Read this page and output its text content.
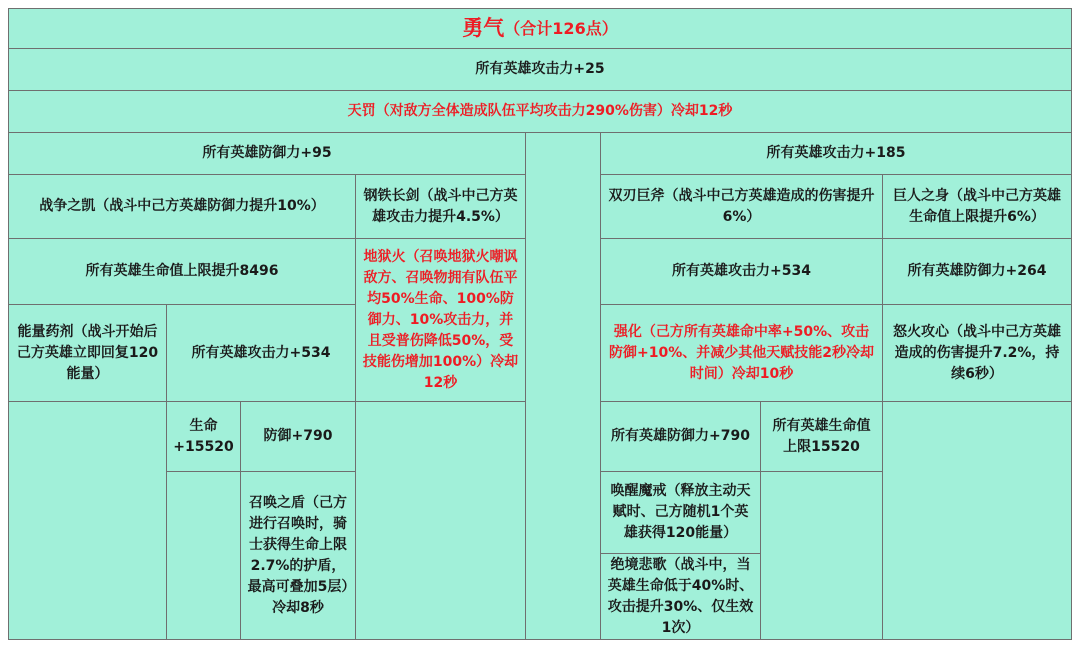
勇气 （合计126点）
所有英雄攻击力+25
天罚（对敌方全体造成队伍平均攻击力290%伤害）冷却12秒
所有英雄防御力+95
战争之凯（战斗中己方英雄防御力提升10%）
钢铁长剑（战斗中己方英雄攻击力提升4.5%）
所有英雄生命值上限提升8496
地狱火（召唤地狱火嘲讽敌方、召唤物拥有队伍平均50%生命、100%防御力、10%攻击力，并且受普伤降低50%，受技能伤增加100%）冷却12秒
能量药剂（战斗开始后己方英雄立即回复120能量）
所有英雄攻击力+534
生命+15520
防御+790
召唤之盾（己方进行召唤时，骑士获得生命上限2.7%的护盾，最高可叠加5层）冷却8秒
所有英雄攻击力+185
双刃巨斧（战斗中己方英雄造成的伤害提升6%）
巨人之身（战斗中己方英雄生命值上限提升6%）
所有英雄攻击力+534	所有英雄防御力+264
强化（己方所有英雄命中率+50%、攻击防御+10%、并减少其他天赋技能2秒冷却时间）冷却10秒
怒火攻心（战斗中己方英雄造成的伤害提升7.2%，持续6秒）
所有英雄防御力+790
所有英雄生命值上限15520
唤醒魔戒（释放主动天赋时、己方随机1个英雄获得120能量）
绝境悲歌（战斗中，当英雄生命低于40%时、攻击提升30%、仅生效1次）
